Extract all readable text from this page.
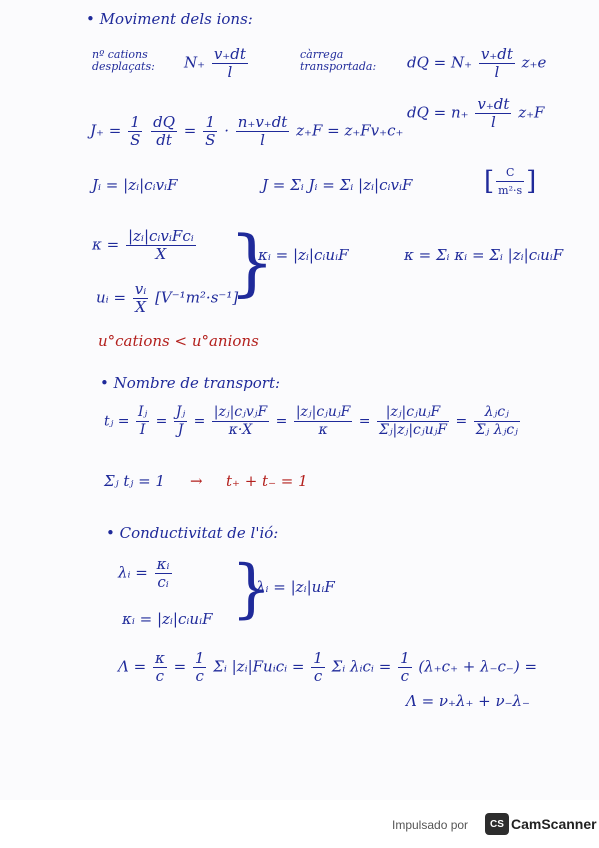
• Moviment dels ions:
nº cations
desplaçats: $N_+ \frac{v_+dt}{l}$	càrrega
transportada: dQ = $N_+ \frac{v_+dt}{l} z_+e$
dQ = $n_+ \frac{v_+dt}{l} z_+F$
$J_+ = \frac{1}{S}$
$\frac{dQ}{dt} = \frac{1}{S} \cdot \frac{n_+v_+dt}{l} z_+F = z_+Fv_+c_+$
Jᵢ = |zᵢ|cᵢvᵢF	J = Σᵢ Jᵢ = Σᵢ |zᵢ|cᵢvᵢF	[ $\frac{C}{\text{m²·s}}$ ]
$\kappa = \frac{\text{|zᵢ|cᵢvᵢFcᵢ}}{X}$
uᵢ = $\frac{\text{vᵢ}}{X} [V^{-1}m^2\cdot s^{-1}]$
}
κᵢ = |zᵢ|cᵢuᵢF	κ = Σᵢ κᵢ = Σᵢ |zᵢ|cᵢuᵢF
u°cations < u°anions
• Nombre de transport:
tⱼ = $\frac{\text{Iⱼ}}{I} = \frac{\text{Jⱼ}}{J} = \frac{\text{|zⱼ|cⱼvⱼF}}{\kappa\cdot X} = \frac{\text{|zⱼ|cⱼuⱼF}}{\kappa} = \frac{\text{|zⱼ|cⱼuⱼF}}{\text{Σⱼ|zⱼ|cⱼuⱼF}} = \frac{\text{λⱼcⱼ}}{\text{Σⱼ λⱼcⱼ}}$
Σⱼ tⱼ = 1 → t₊ + t₋ = 1
• Conductivitat de l'ió:
λᵢ = $\frac{\text{κᵢ}}{\text{cᵢ}}$
κᵢ = |zᵢ|cᵢuᵢF }
λᵢ = |zᵢ|uᵢF
$\Lambda = \frac{\kappa}{c} = \frac{1}{c}$ Σᵢ |zᵢ|Fuᵢcᵢ = $\frac{1}{c}$ Σᵢ λᵢcᵢ = $\frac{1}{c} (\lambda_+c_+ + \lambda_-c_-)$ =
Λ = ν₊λ₊ + ν₋λ₋
Impulsado por	CS CamScanner
